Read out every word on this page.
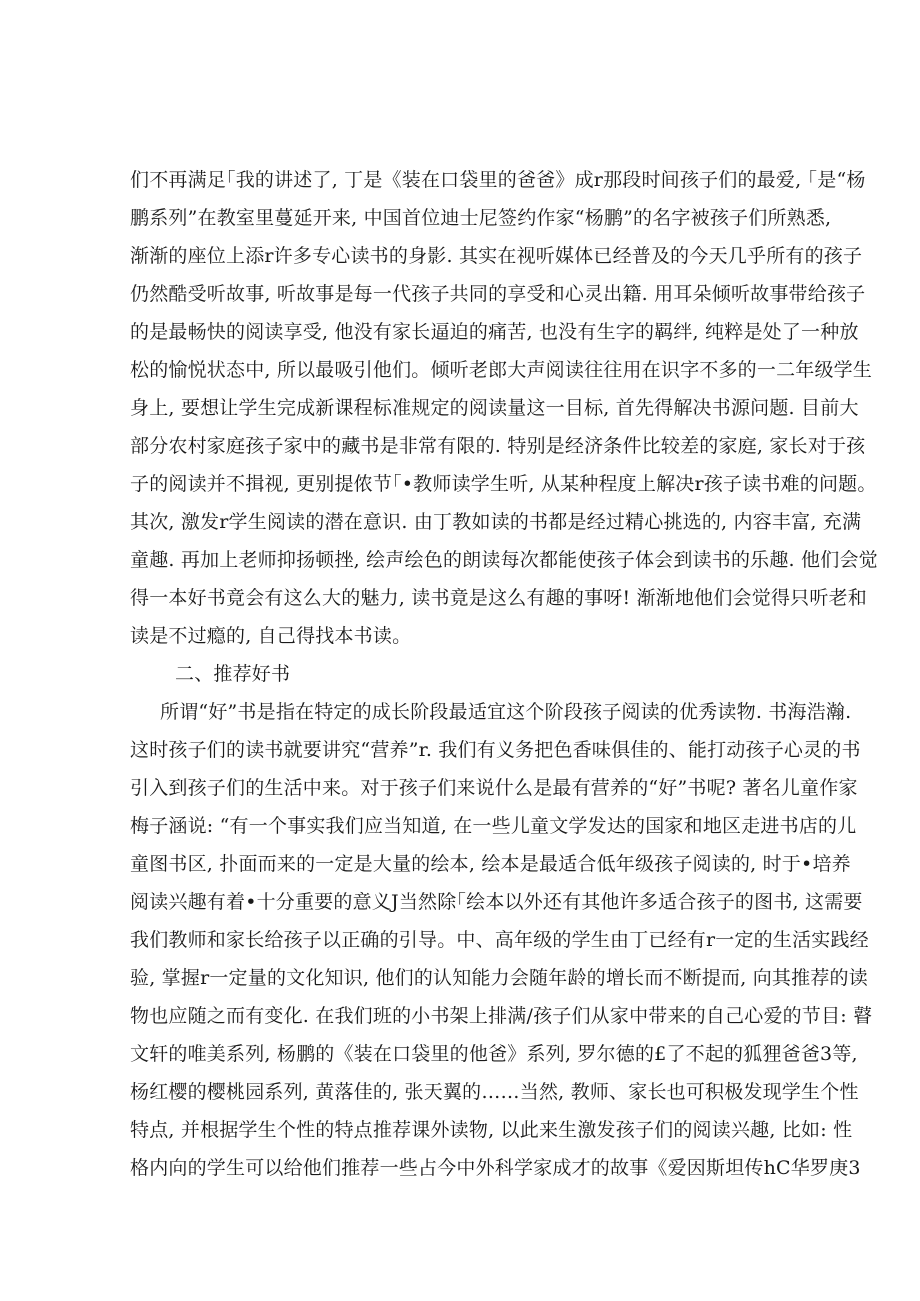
们不再满足｢我的讲述了, 丁是《装在口袋里的爸爸》成r那段时间孩子们的最爱, ｢是“杨
鹏系列”在教室里蔓延开来, 中国首位迪士尼签约作家“杨鹏”的名字被孩子们所熟悉,
渐渐的座位上添r许多专心读书的身影. 其实在视听媒体已经普及的今天几乎所有的孩子
仍然酷受听故事, 听故事是每一代孩子共同的享受和心灵出籍. 用耳朵倾听故事带给孩子
的是最畅快的阅读享受, 他没有家长逼迫的痛苦, 也没有生字的羁绊, 纯粹是处了一种放
松的愉悦状态中, 所以最吸引他们。倾听老郎大声阅读往往用在识字不多的一二年级学生
身上, 要想让学生完成新课程标准规定的阅读量这一目标, 首先得解决书源问题. 目前大
部分农村家庭孩子家中的藏书是非常有限的. 特别是经济条件比较差的家庭, 家长对于孩
子的阅读并不揖视, 更别提侬节｢•教师读学生听, 从某种程度上解决r孩子读书难的问题。
其次, 激发r学生阅读的潜在意识. 由丁教如读的书都是经过精心挑选的, 内容丰富, 充满
童趣. 再加上老师抑扬顿挫, 绘声绘色的朗读每次都能使孩子体会到读书的乐趣. 他们会觉
得一本好书竟会有这么大的魅力, 读书竟是这么有趣的事呀! 渐渐地他们会觉得只听老和
读是不过瘾的, 自己得找本书读。
二、推荐好书
所谓“好”书是指在特定的成长阶段最适宜这个阶段孩子阅读的优秀读物. 书海浩瀚.
这时孩子们的读书就要讲究“营养”r. 我们有义务把色香味俱佳的、能打动孩子心灵的书
引入到孩子们的生活中来。对于孩子们来说什么是最有营养的“好”书呢? 著名儿童作家
梅子涵说: “有一个事实我们应当知道, 在一些儿童文学发达的国家和地区走进书店的儿
童图书区, 扑面而来的一定是大量的绘本, 绘本是最适合低年级孩子阅读的, 时于•培养
阅读兴趣有着•十分重要的意义J当然除｢绘本以外还有其他许多适合孩子的图书, 这需要
我们教师和家长给孩子以正确的引导。中、高年级的学生由丁已经有r一定的生活实践经
验, 掌握r一定量的文化知识, 他们的认知能力会随年龄的增长而不断提而, 向其推荐的读
物也应随之而有变化. 在我们班的小书架上排满/孩子们从家中带来的自己心爱的节目: 瞽
文轩的唯美系列, 杨鹏的《装在口袋里的他爸》系列, 罗尔德的£了不起的狐狸爸爸3等,
杨红樱的樱桃园系列, 黄落佳的, 张天翼的……当然, 教师、家长也可积极发现学生个性
特点, 并根据学生个性的特点推荐课外读物, 以此来生激发孩子们的阅读兴趣, 比如: 性
格内向的学生可以给他们推荐一些占今中外科学家成才的故事《爱因斯坦传hC华罗庚3
